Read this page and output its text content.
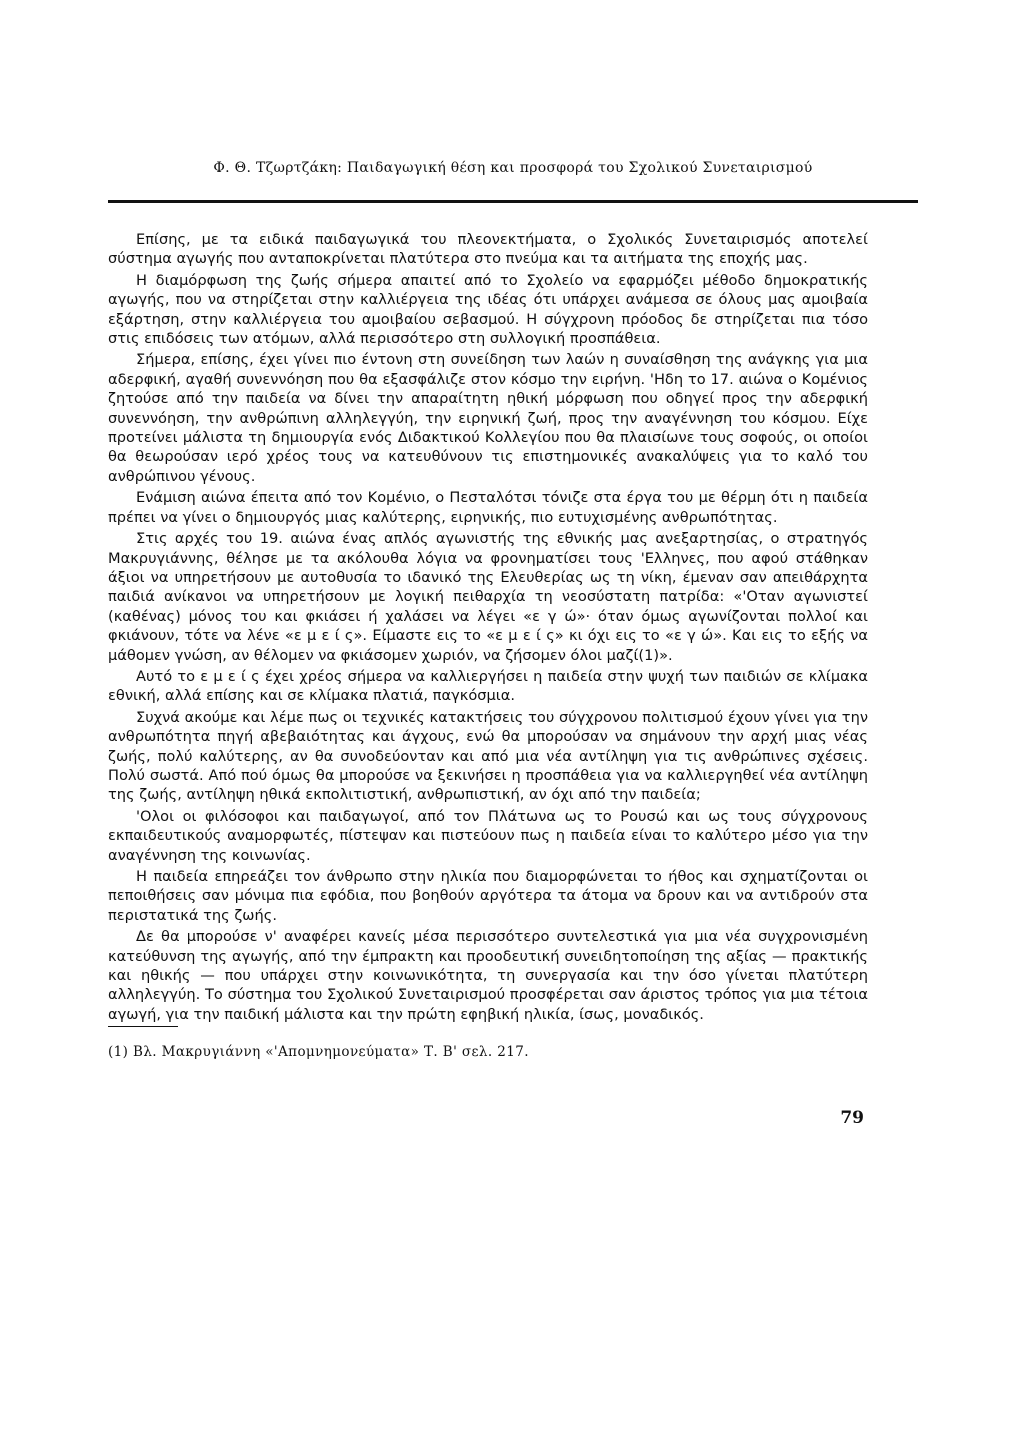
Φ. Θ. Τζωρτζάκη: Παιδαγωγική θέση και προσφορά του Σχολικού Συνεταιρισμού

Επίσης, με τα ειδικά παιδαγωγικά του πλεονεκτήματα, ο Σχολικός Συνεταιρισμός αποτελεί σύστημα αγωγής που ανταποκρίνεται πλατύτερα στο πνεύμα και τα αιτήματα της εποχής μας.

Η διαμόρφωση της ζωής σήμερα απαιτεί από το Σχολείο να εφαρμόζει μέθοδο δημοκρατικής αγωγής, που να στηρίζεται στην καλλιέργεια της ιδέας ότι υπάρχει ανάμεσα σε όλους μας αμοιβαία εξάρτηση, στην καλλιέργεια του αμοιβαίου σεβασμού. Η σύγχρονη πρόοδος δε στηρίζεται πια τόσο στις επιδόσεις των ατόμων, αλλά περισσότερο στη συλλογική προσπάθεια.

Σήμερα, επίσης, έχει γίνει πιο έντονη στη συνείδηση των λαών η συναίσθηση της ανάγκης για μια αδερφική, αγαθή συνεννόηση που θα εξασφάλιζε στον κόσμο την ειρήνη. 'Ηδη το 17. αιώνα ο Κομένιος ζητούσε από την παιδεία να δίνει την απαραίτητη ηθική μόρφωση που οδηγεί προς την αδερφική συνεννόηση, την ανθρώπινη αλληλεγγύη, την ειρηνική ζωή, προς την αναγέννηση του κόσμου. Είχε προτείνει μάλιστα τη δημιουργία ενός Διδακτικού Κολλεγίου που θα πλαισίωνε τους σοφούς, οι οποίοι θα θεωρούσαν ιερό χρέος τους να κατευθύνουν τις επιστημονικές ανακαλύψεις για το καλό του ανθρώπινου γένους.

Ενάμιση αιώνα έπειτα από τον Κομένιο, ο Πεσταλότσι τόνιζε στα έργα του με θέρμη ότι η παιδεία πρέπει να γίνει ο δημιουργός μιας καλύτερης, ειρηνικής, πιο ευτυχισμένης ανθρωπότητας.

Στις αρχές του 19. αιώνα ένας απλός αγωνιστής της εθνικής μας ανεξαρτησίας, ο στρατηγός Μακρυγιάννης, θέλησε με τα ακόλουθα λόγια να φρονηματίσει τους 'Ελληνες, που αφού στάθηκαν άξιοι να υπηρετήσουν με αυτοθυσία το ιδανικό της Ελευθερίας ως τη νίκη, έμεναν σαν απειθάρχητα παιδιά ανίκανοι να υπηρετήσουν με λογική πειθαρχία τη νεοσύστατη πατρίδα: «'Οταν αγωνιστεί (καθένας) μόνος του και φκιάσει ή χαλάσει να λέγει «ε γ ώ»· όταν όμως αγωνίζονται πολλοί και φκιάνουν, τότε να λένε «ε μ ε ί ς». Είμαστε εις το «ε μ ε ί ς» κι όχι εις το «ε γ ώ». Και εις το εξής να μάθομεν γνώση, αν θέλομεν να φκιάσομεν χωριόν, να ζήσομεν όλοι μαζί(1)».

Αυτό το ε μ ε ί ς έχει χρέος σήμερα να καλλιεργήσει η παιδεία στην ψυχή των παιδιών σε κλίμακα εθνική, αλλά επίσης και σε κλίμακα πλατιά, παγκόσμια.

Συχνά ακούμε και λέμε πως οι τεχνικές κατακτήσεις του σύγχρονου πολιτισμού έχουν γίνει για την ανθρωπότητα πηγή αβεβαιότητας και άγχους, ενώ θα μπορούσαν να σημάνουν την αρχή μιας νέας ζωής, πολύ καλύτερης, αν θα συνοδεύονταν και από μια νέα αντίληψη για τις ανθρώπινες σχέσεις. Πολύ σωστά. Από πού όμως θα μπορούσε να ξεκινήσει η προσπάθεια για να καλλιεργηθεί νέα αντίληψη της ζωής, αντίληψη ηθικά εκπολιτιστική, ανθρωπιστική, αν όχι από την παιδεία;

'Ολοι οι φιλόσοφοι και παιδαγωγοί, από τον Πλάτωνα ως το Ρουσώ και ως τους σύγχρονους εκπαιδευτικούς αναμορφωτές, πίστεψαν και πιστεύουν πως η παιδεία είναι το καλύτερο μέσο για την αναγέννηση της κοινωνίας.

Η παιδεία επηρεάζει τον άνθρωπο στην ηλικία που διαμορφώνεται το ήθος και σχηματίζονται οι πεποιθήσεις σαν μόνιμα πια εφόδια, που βοηθούν αργότερα τα άτομα να δρουν και να αντιδρούν στα περιστατικά της ζωής.

Δε θα μπορούσε ν' αναφέρει κανείς μέσα περισσότερο συντελεστικά για μια νέα συγχρονισμένη κατεύθυνση της αγωγής, από την έμπρακτη και προοδευτική συνειδητοποίηση της αξίας — πρακτικής και ηθικής — που υπάρχει στην κοινωνικότητα, τη συνεργασία και την όσο γίνεται πλατύτερη αλληλεγγύη. Το σύστημα του Σχολικού Συνεταιρισμού προσφέρεται σαν άριστος τρόπος για μια τέτοια αγωγή, για την παιδική μάλιστα και την πρώτη εφηβική ηλικία, ίσως, μοναδικός.

(1) Βλ. Μακρυγιάννη «'Απομνημονεύματα» Τ. Β' σελ. 217.
79
